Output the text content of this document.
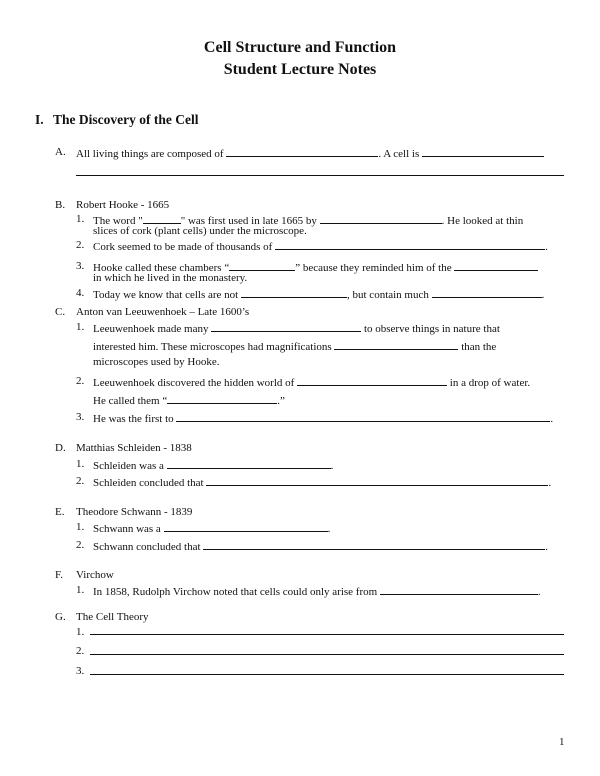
Cell Structure and Function
Student Lecture Notes
I. The Discovery of the Cell
A. All living things are composed of	. A cell is
B. Robert Hooke - 1665
1. The word "	" was first used in late 1665 by	. He looked at thin
slices of cork (plant cells) under the microscope.
2. Cork seemed to be made of thousands of	.
3. Hooke called these chambers “	” because they reminded him of the
in which he lived in the monastery.
4. Today we know that cells are not	, but contain much	.
C. Anton van Leeuwenhoek – Late 1600’s
1. Leeuwenhoek made many	to observe things in nature that
interested him. These microscopes had magnifications	than the
microscopes used by Hooke.
2. Leeuwenhoek discovered the hidden world of	in a drop of water.
He called them “	.”
3. He was the first to	.
D. Matthias Schleiden - 1838
1. Schleiden was a	.
2. Schleiden concluded that	.
E. Theodore Schwann - 1839
1. Schwann was a	.
2. Schwann concluded that	.
F. Virchow
1. In 1858, Rudolph Virchow noted that cells could only arise from	.
G. The Cell Theory
1.
2.
3.
1
